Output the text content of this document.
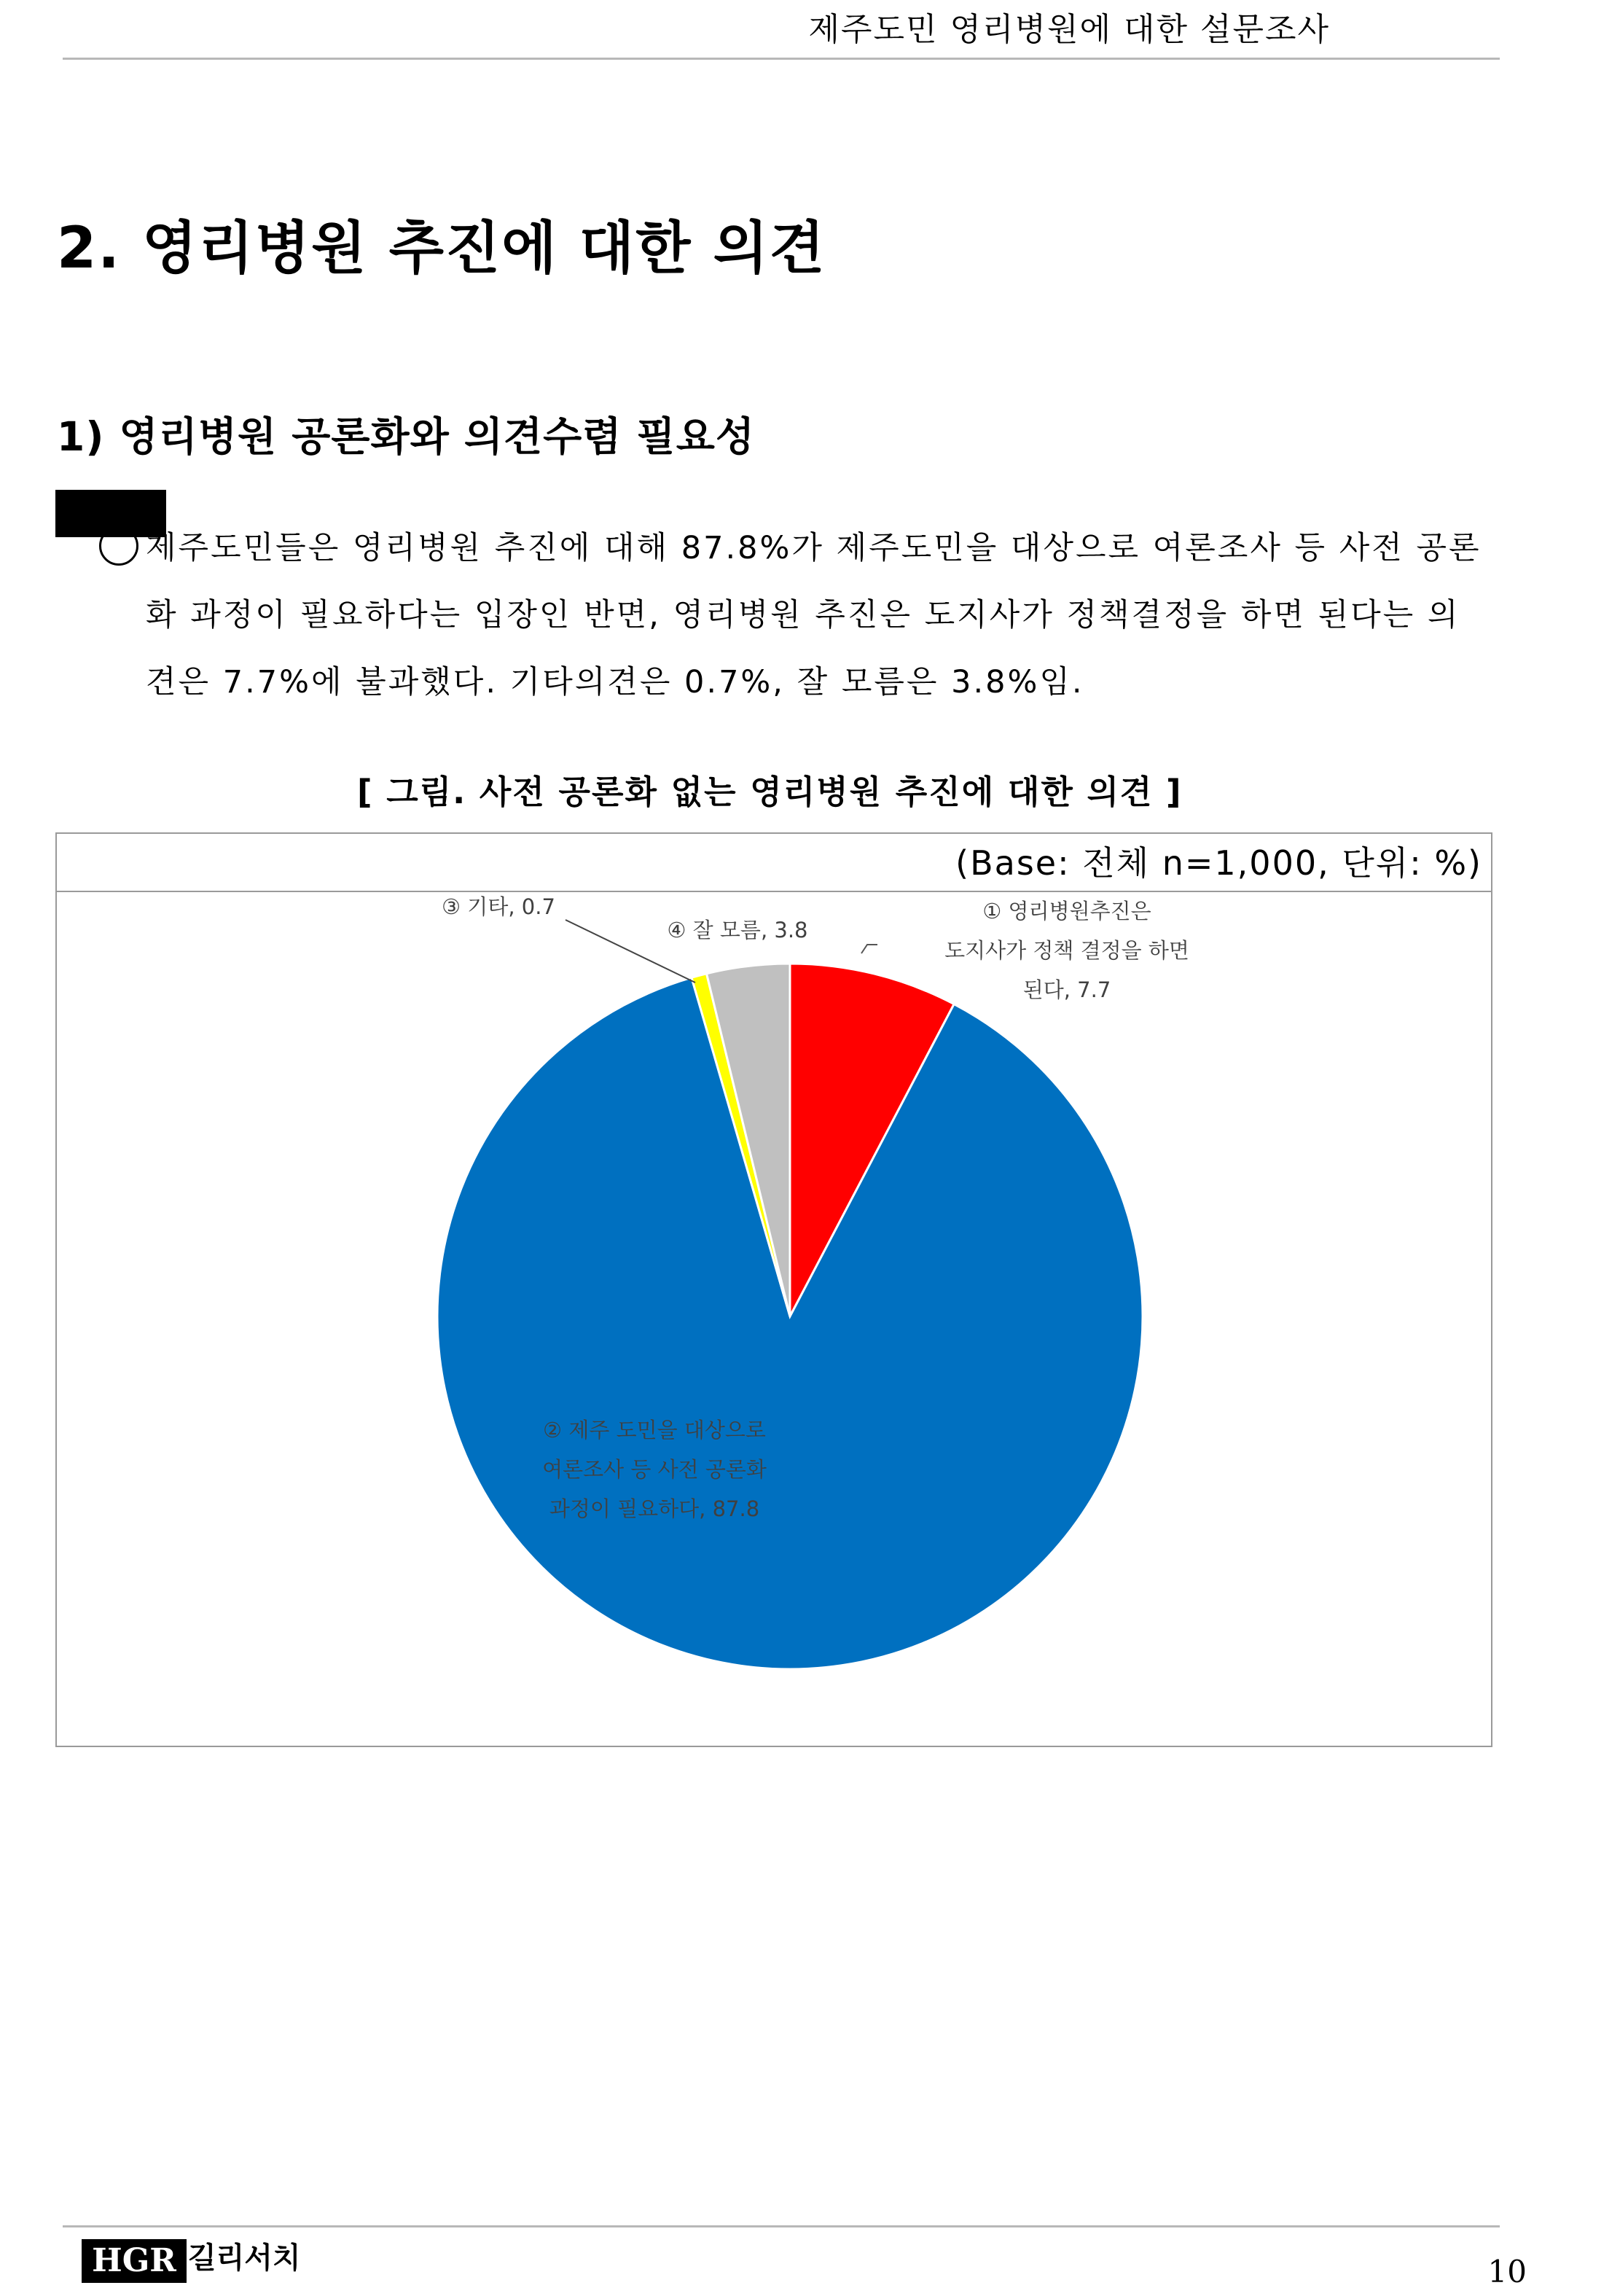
제주도민 영리병원에 대한 설문조사
2. 영리병원 추진에 대한 의견
1) 영리병원 공론화와 의견수렴 필요성
제주도민들은 영리병원 추진에 대해 87.8%가 제주도민을 대상으로 여론조사 등 사전 공론
화 과정이 필요하다는 입장인 반면, 영리병원 추진은 도지사가 정책결정을 하면 된다는 의
견은 7.7%에 불과했다. 기타의견은 0.7%, 잘 모름은 3.8%임.
[ 그림. 사전 공론화 없는 영리병원 추진에 대한 의견 ]
(Base: 전체 n=1,000, 단위: %)
① 영리병원추진은 도지사가 정책 결정을 하면 된다, 7.7
② 제주 도민을 대상으로 여론조사 등 사전 공론화 과정이 필요하다, 87.8
③ 기타, 0.7
④ 잘 모름, 3.8
HGR 길리서치	10
